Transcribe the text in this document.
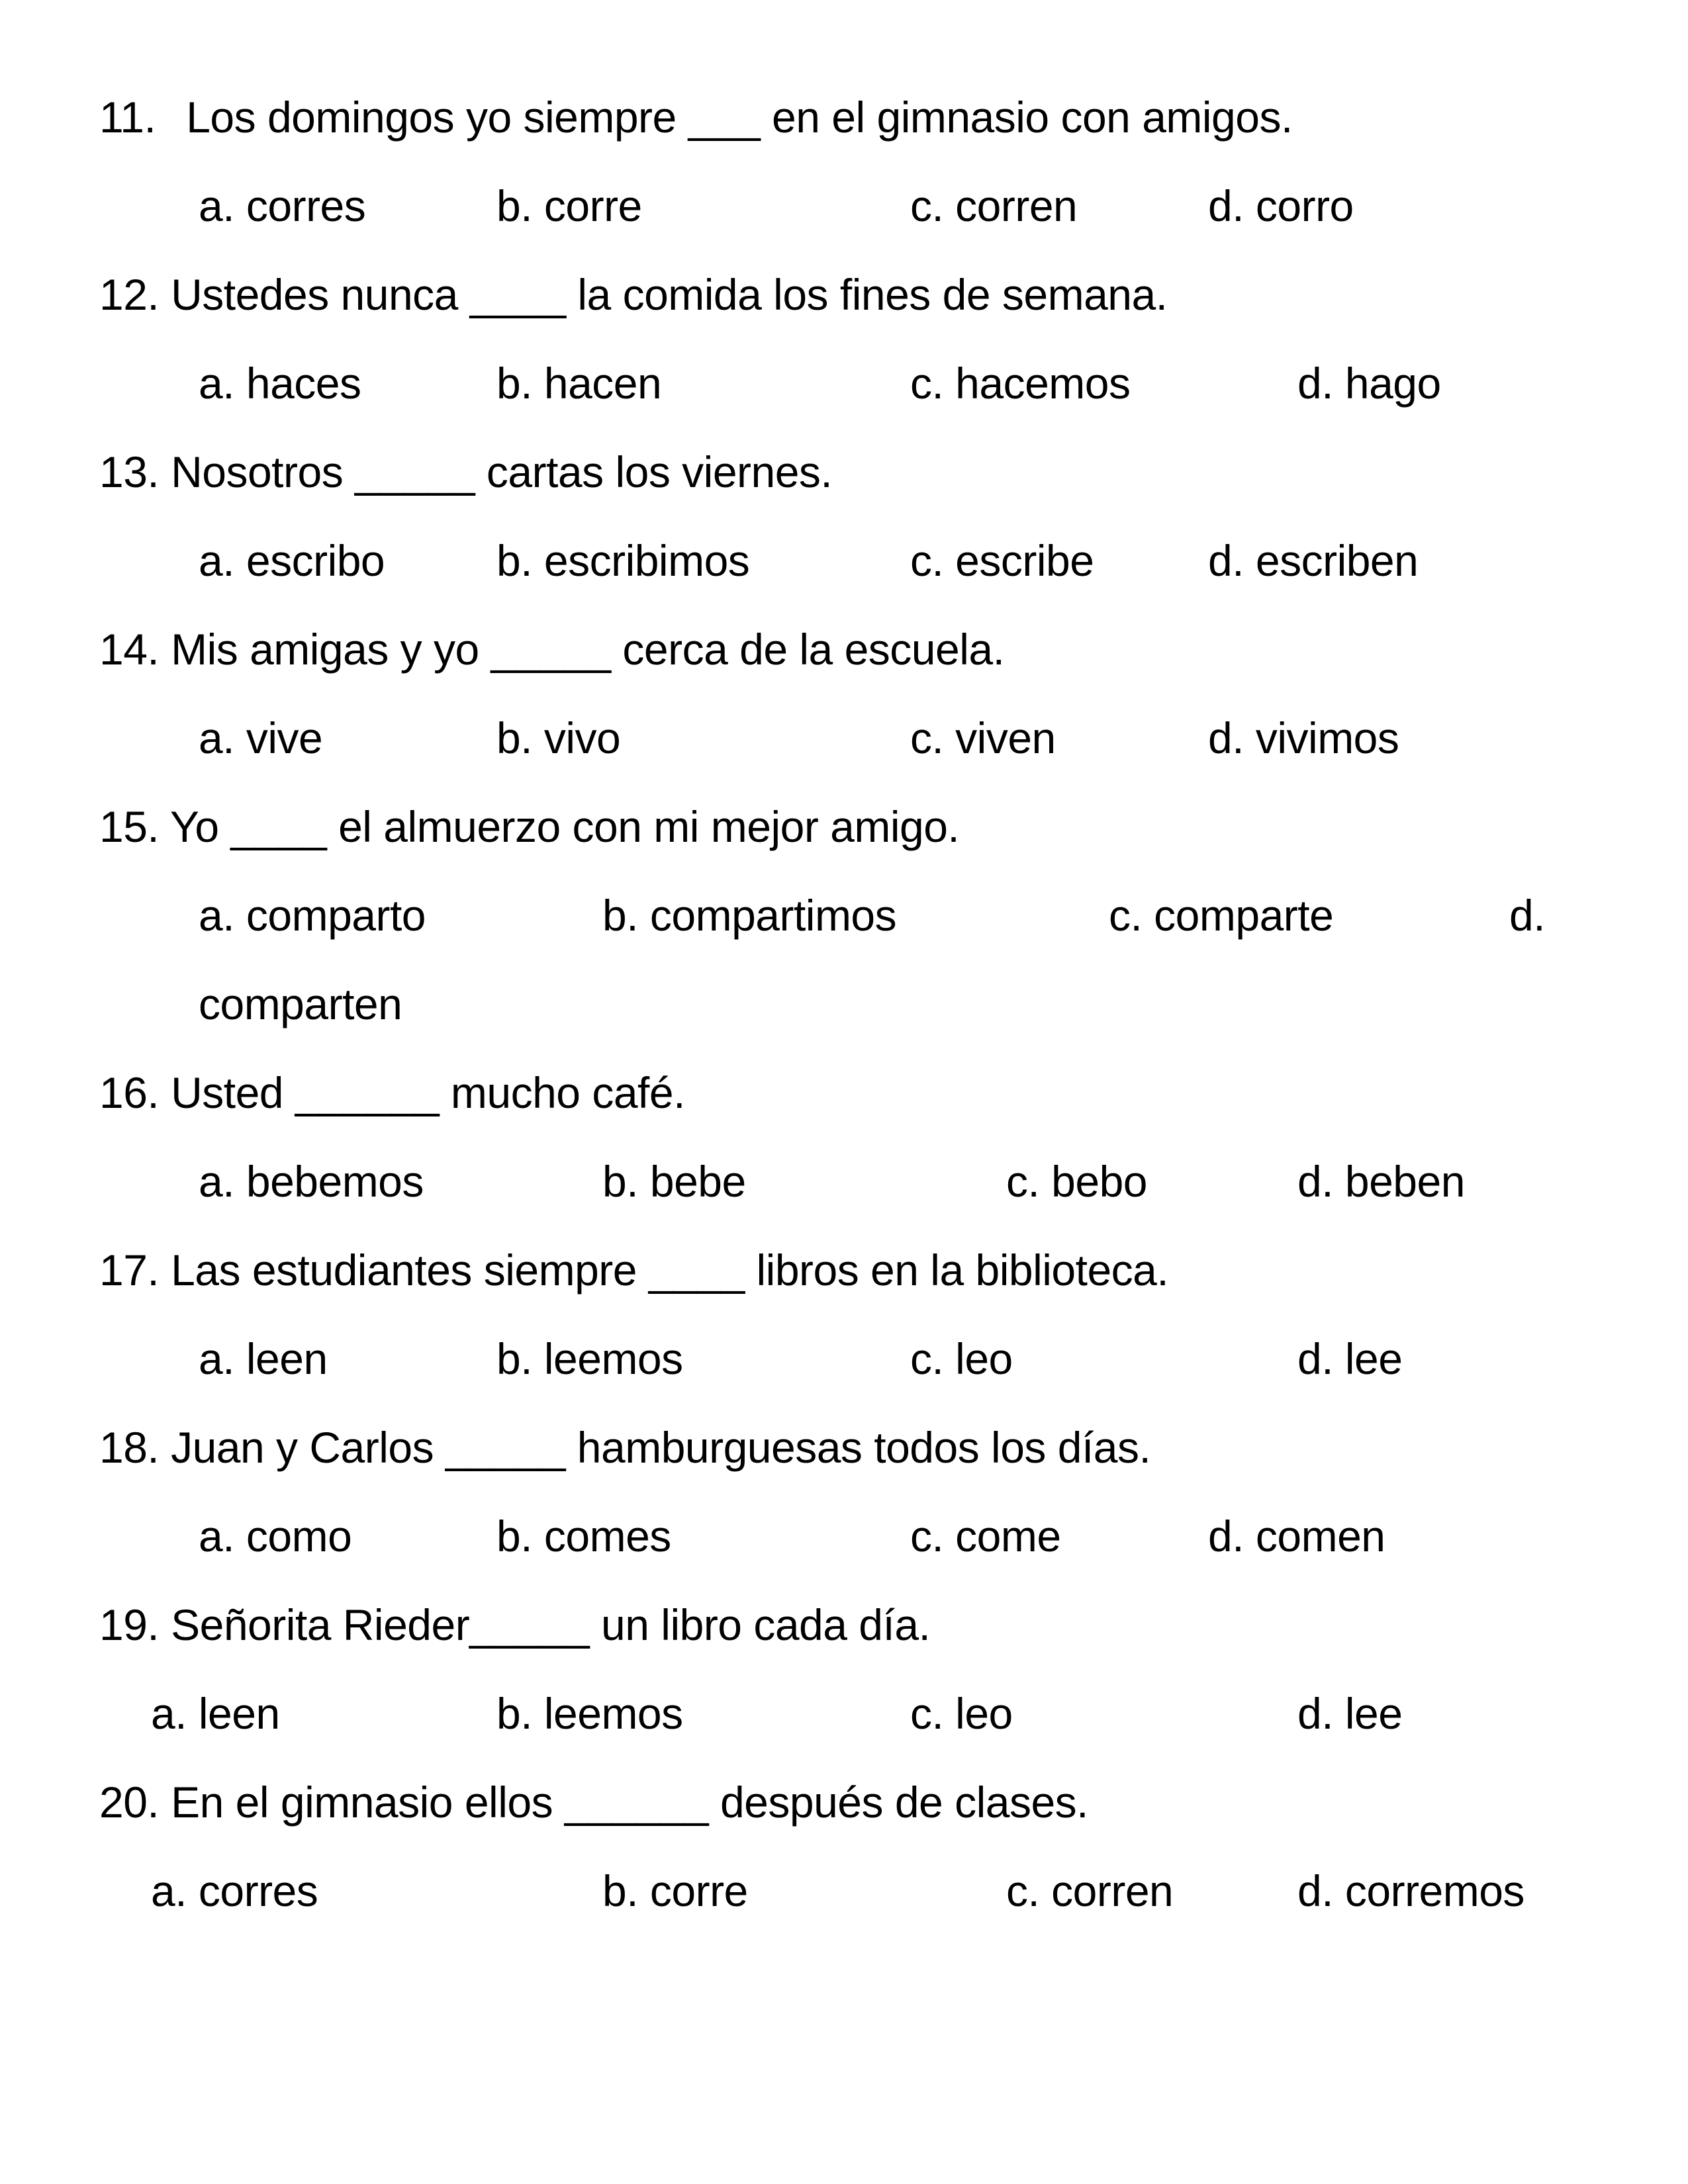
11. Los domingos yo siempre ___ en el gimnasio con amigos.
a. corres	b. corre	c. corren	d. corro
12. Ustedes nunca ____ la comida los fines de semana.
a. haces	b. hacen	c. hacemos	d. hago
13. Nosotros _____ cartas los viernes.
a. escribo	b. escribimos	c. escribe	d. escriben
14. Mis amigas y yo _____ cerca de la escuela.
a. vive	b. vivo	c. viven	d. vivimos
15. Yo ____ el almuerzo con mi mejor amigo.
a. comparto	b. compartimos	c. comparte	d.
comparten
16. Usted ______ mucho café.
a. bebemos	b. bebe	c. bebo	d. beben
17. Las estudiantes siempre ____ libros en la biblioteca.
a. leen	b. leemos	c. leo	d. lee
18. Juan y Carlos _____ hamburguesas todos los días.
a. como	b. comes	c. come	d. comen
19. Señorita Rieder_____ un libro cada día.
a. leen	b. leemos	c. leo	d. lee
20. En el gimnasio ellos ______ después de clases.
a. corres	b. corre	c. corren	d. corremos
